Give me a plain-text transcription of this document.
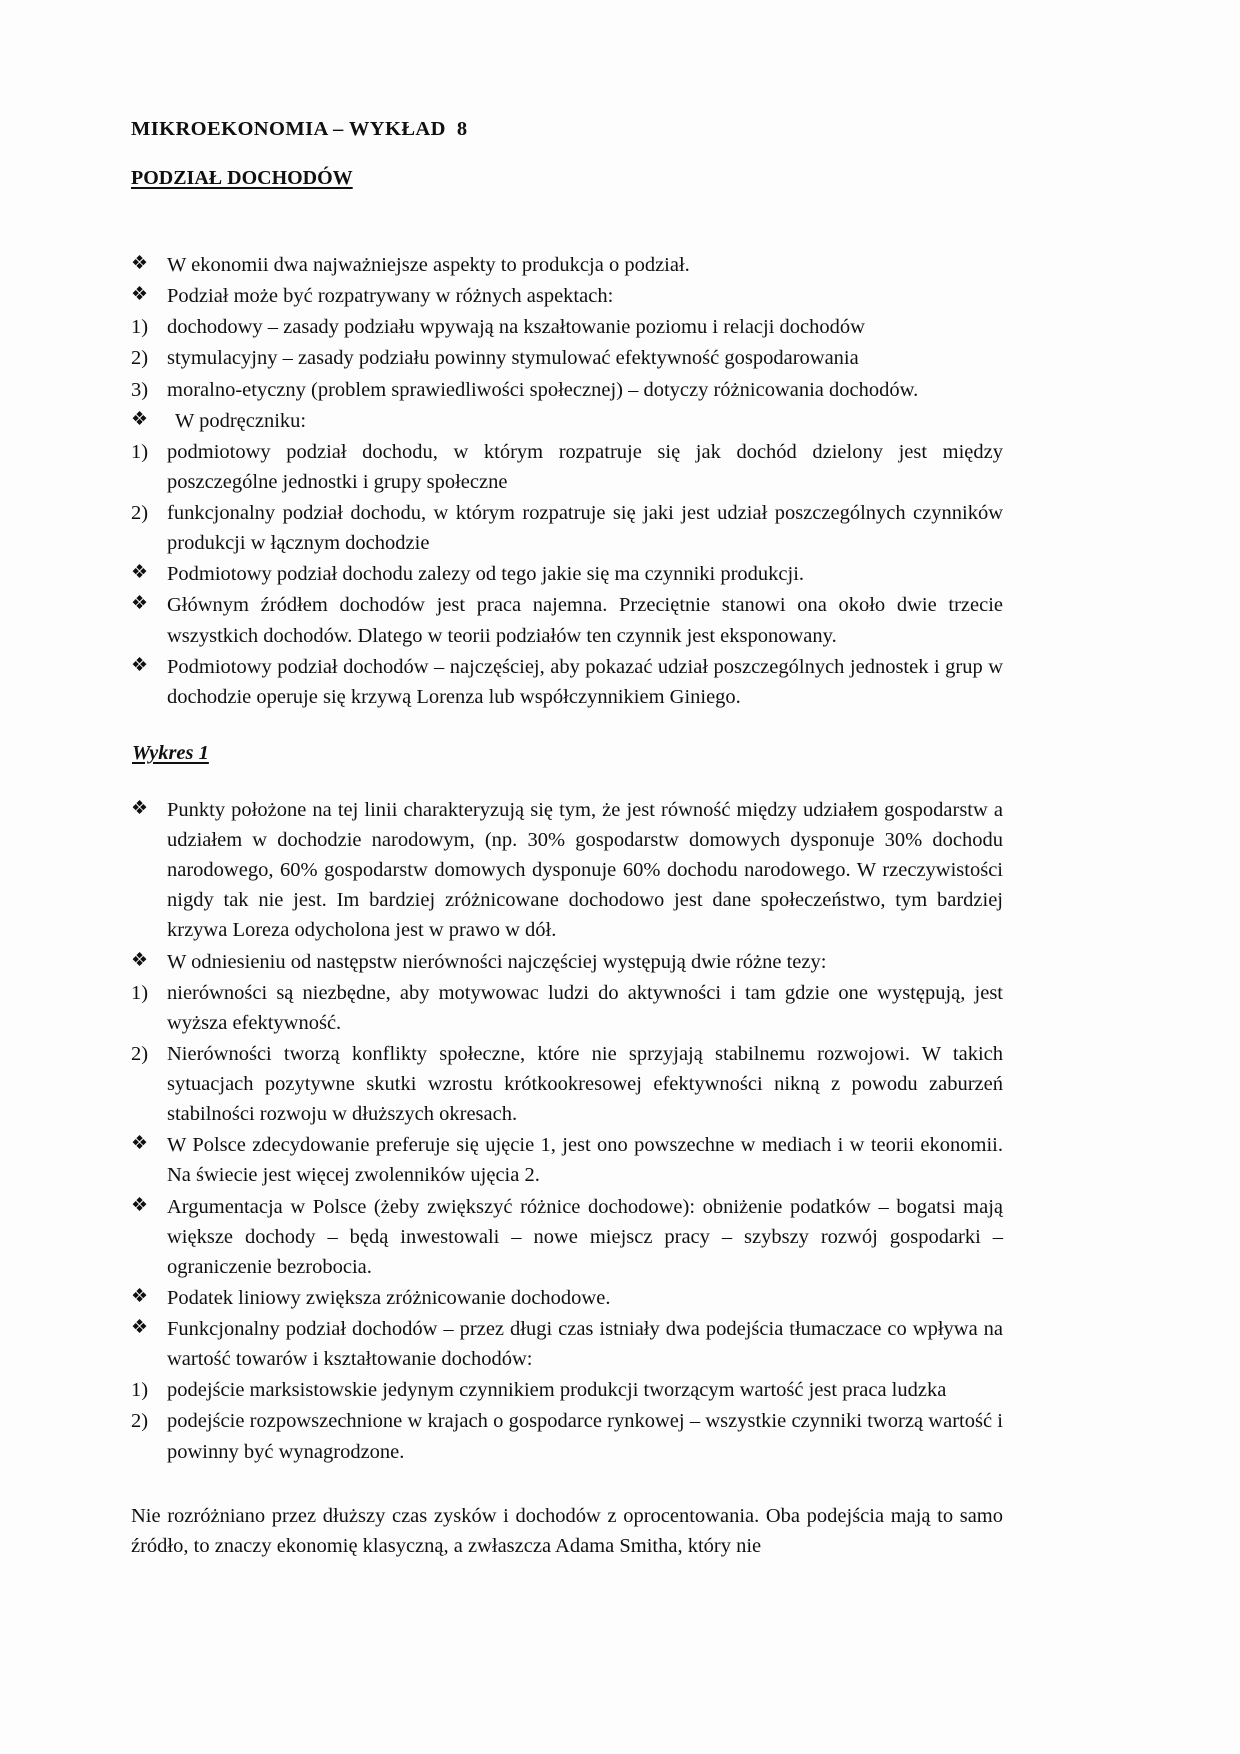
MIKROEKONOMIA – WYKŁAD  8
PODZIAŁ DOCHODÓW
❖ W ekonomii dwa najważniejsze aspekty to produkcja o podział.
❖ Podział może być rozpatrywany w różnych aspektach:
1) dochodowy – zasady podziału wpywają na kszałtowanie poziomu i relacji dochodów
2) stymulacyjny – zasady podziału powinny stymulować efektywność gospodarowania
3) moralno-etyczny (problem sprawiedliwości społecznej) – dotyczy różnicowania dochodów.
❖	W podręczniku:
1) podmiotowy podział dochodu, w którym rozpatruje się jak dochód dzielony jest między poszczególne jednostki i grupy społeczne
2) funkcjonalny podział dochodu, w którym rozpatruje się jaki jest udział poszczególnych czynników produkcji w łącznym dochodzie
❖ Podmiotowy podział dochodu zalezy od tego jakie się ma czynniki produkcji.
❖ Głównym źródłem dochodów jest praca najemna. Przeciętnie stanowi ona około dwie trzecie wszystkich dochodów. Dlatego w teorii podziałów ten czynnik jest eksponowany.
❖ Podmiotowy podział dochodów – najczęściej, aby pokazać udział poszczególnych jednostek i grup w dochodzie operuje się krzywą Lorenza lub współczynnikiem Giniego.
Wykres 1
❖ Punkty położone na tej linii charakteryzują się tym, że jest równość między udziałem gospodarstw a udziałem w dochodzie narodowym, (np. 30% gospodarstw domowych dysponuje 30% dochodu narodowego, 60% gospodarstw domowych dysponuje 60% dochodu narodowego. W rzeczywistości nigdy tak nie jest. Im bardziej zróżnicowane dochodowo jest dane społeczeństwo, tym bardziej krzywa Loreza odycholona jest w prawo w dół.
❖ W odniesieniu od następstw nierówności najczęściej występują dwie różne tezy:
1) nierówności są niezbędne, aby motywowac ludzi do aktywności i tam gdzie one występują, jest wyższa efektywność.
2) Nierówności tworzą konflikty społeczne, które nie sprzyjają stabilnemu rozwojowi. W takich sytuacjach pozytywne skutki wzrostu krótkookresowej efektywności nikną z powodu zaburzeń stabilności rozwoju w dłuższych okresach.
❖ W Polsce zdecydowanie preferuje się ujęcie 1, jest ono powszechne w mediach i w teorii ekonomii. Na świecie jest więcej zwolenników ujęcia 2.
❖ Argumentacja w Polsce (żeby zwiększyć różnice dochodowe): obniżenie podatków – bogatsi mają większe dochody – będą inwestowali – nowe miejscz pracy – szybszy rozwój gospodarki – ograniczenie bezrobocia.
❖ Podatek liniowy zwiększa zróżnicowanie dochodowe.
❖ Funkcjonalny podział dochodów – przez długi czas istniały dwa podejścia tłumaczace co wpływa na wartość towarów i kształtowanie dochodów:
1) podejście marksistowskie jedynym czynnikiem produkcji tworzącym wartość jest praca ludzka
2) podejście rozpowszechnione w krajach o gospodarce rynkowej – wszystkie czynniki tworzą wartość i powinny być wynagrodzone.
Nie rozróżniano przez dłuższy czas zysków i dochodów z oprocentowania. Oba podejścia mają to samo źródło, to znaczy ekonomię klasyczną, a zwłaszcza Adama Smitha, który nie
